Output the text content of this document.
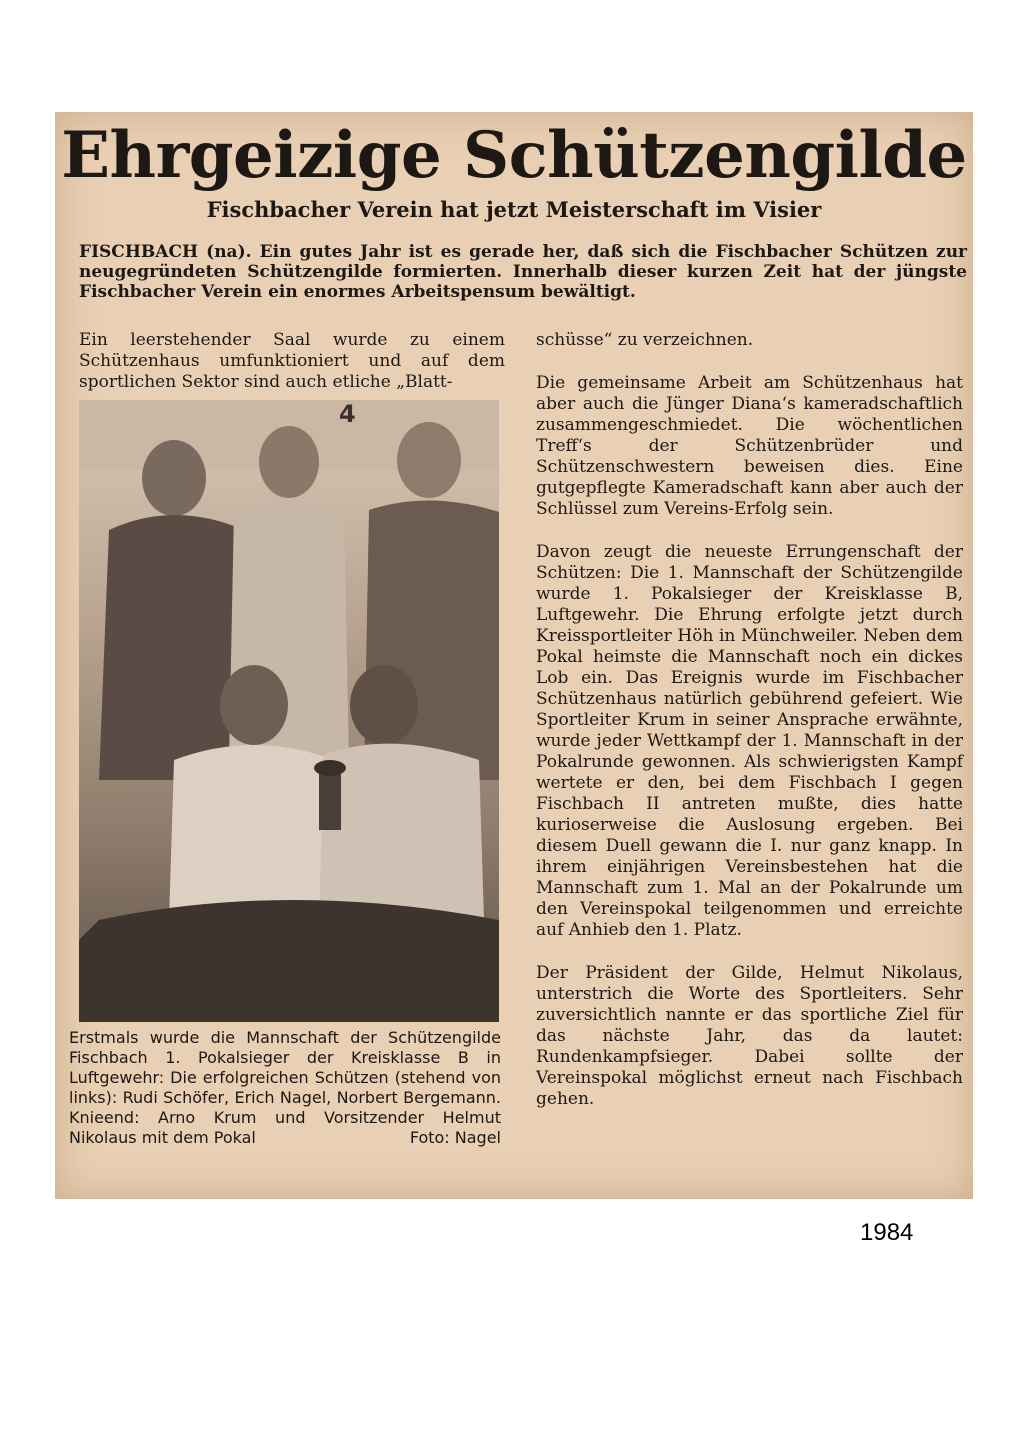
Ehrgeizige Schützengilde
Fischbacher Verein hat jetzt Meisterschaft im Visier

FISCHBACH (na). Ein gutes Jahr ist es gerade her, daß sich die Fischbacher Schützen zur neugegründeten Schützengilde formierten. Innerhalb dieser kurzen Zeit hat der jüngste Fischbacher Verein ein enormes Arbeitspensum bewältigt.

Ein leerstehender Saal wurde zu einem Schützenhaus umfunktioniert und auf dem sportlichen Sektor sind auch etliche „Blatt-

4

Erstmals wurde die Mannschaft der Schützengilde Fischbach 1. Pokalsieger der Kreisklasse B in Luftgewehr: Die erfolgreichen Schützen (stehend von links): Rudi Schöfer, Erich Nagel, Norbert Bergemann. Knieend: Arno Krum und Vorsitzender Helmut Nikolaus mit dem Pokal	Foto: Nagel

schüsse“ zu verzeichnen.

Die gemeinsame Arbeit am Schützenhaus hat aber auch die Jünger Diana‘s kameradschaftlich zusammengeschmiedet. Die wöchentlichen Treff‘s der Schützenbrüder und Schützenschwestern beweisen dies. Eine gutgepflegte Kameradschaft kann aber auch der Schlüssel zum Vereins-Erfolg sein.

Davon zeugt die neueste Errungenschaft der Schützen: Die 1. Mannschaft der Schützengilde wurde 1. Pokalsieger der Kreisklasse B, Luftgewehr. Die Ehrung erfolgte jetzt durch Kreissportleiter Höh in Münchweiler. Neben dem Pokal heimste die Mannschaft noch ein dickes Lob ein. Das Ereignis wurde im Fischbacher Schützenhaus natürlich gebührend gefeiert. Wie Sportleiter Krum in seiner Ansprache erwähnte, wurde jeder Wettkampf der 1. Mannschaft in der Pokalrunde gewonnen. Als schwierigsten Kampf wertete er den, bei dem Fischbach I gegen Fischbach II antreten mußte, dies hatte kurioserweise die Auslosung ergeben. Bei diesem Duell gewann die I. nur ganz knapp. In ihrem einjährigen Vereinsbestehen hat die Mannschaft zum 1. Mal an der Pokalrunde um den Vereinspokal teilgenommen und erreichte auf Anhieb den 1. Platz.

Der Präsident der Gilde, Helmut Nikolaus, unterstrich die Worte des Sportleiters. Sehr zuversichtlich nannte er das sportliche Ziel für das nächste Jahr, das da lautet: Rundenkampfsieger. Dabei sollte der Vereinspokal möglichst erneut nach Fischbach gehen.

1984
